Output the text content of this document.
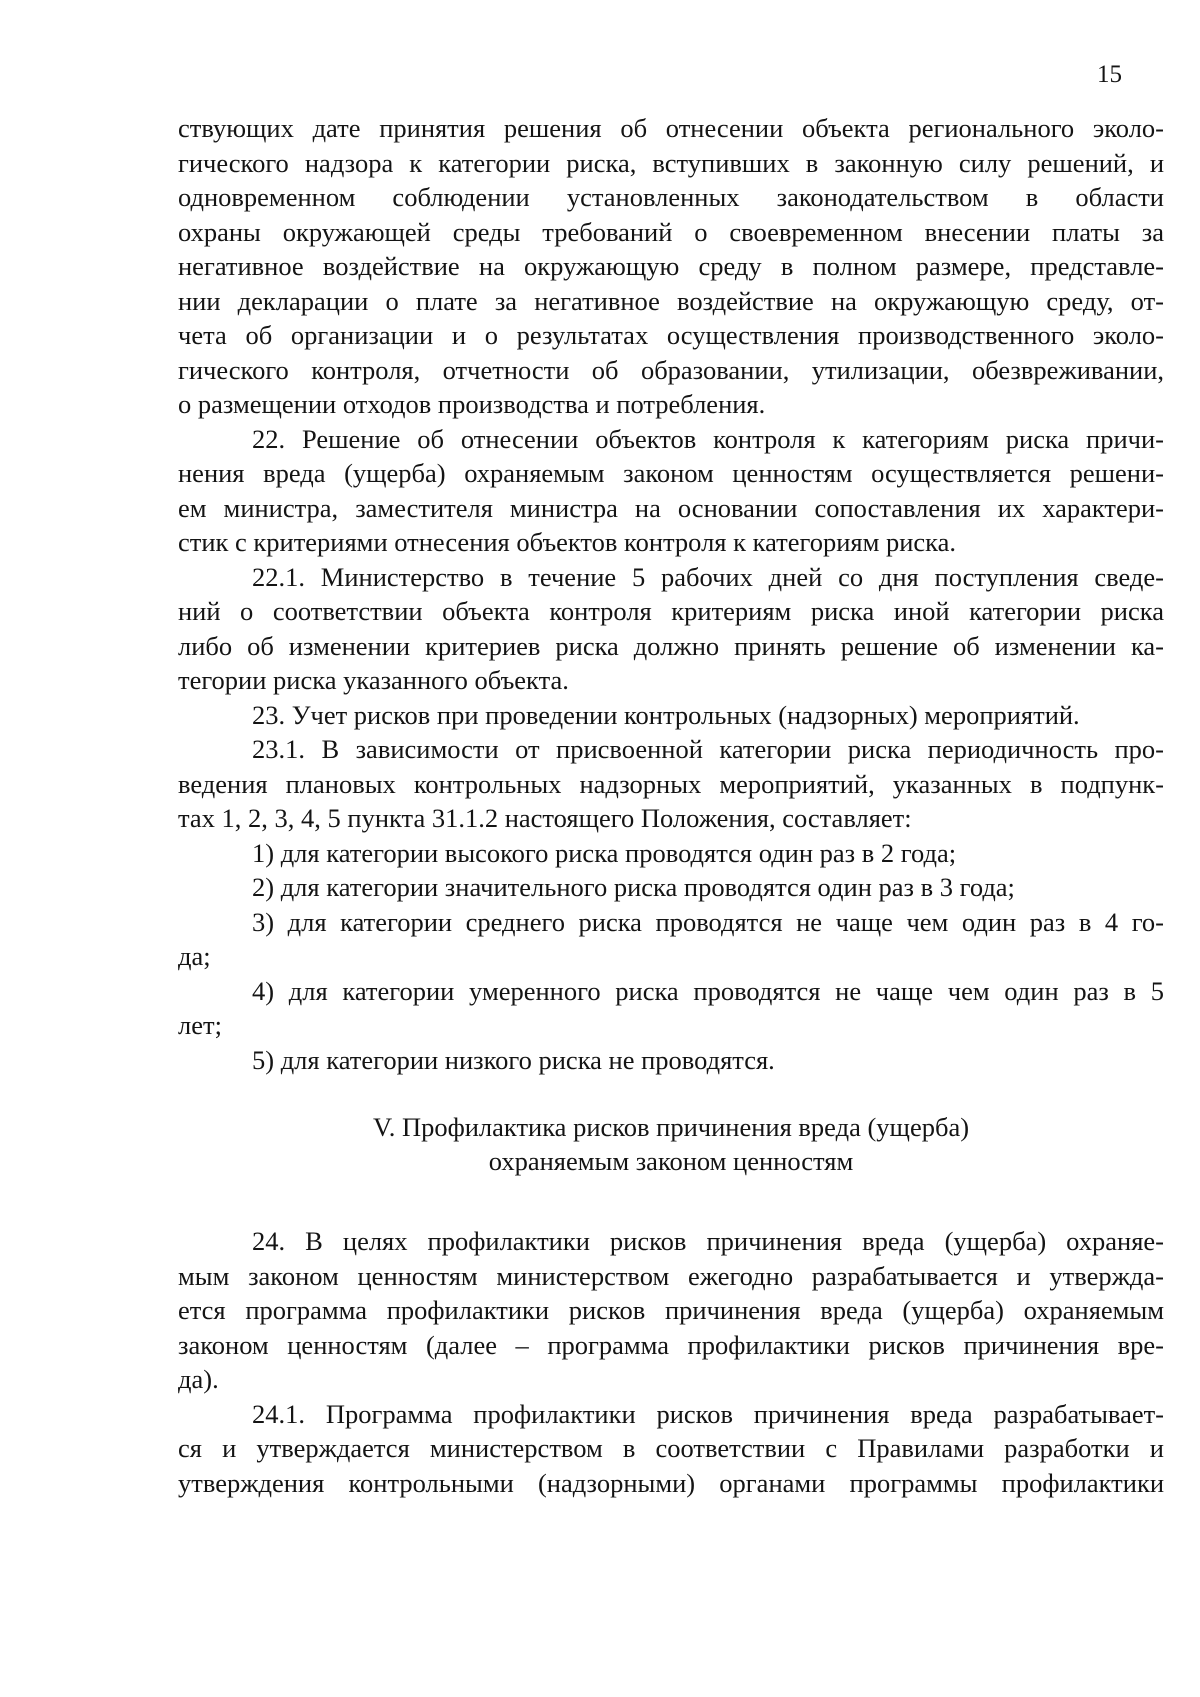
15
ствующих дате принятия решения об отнесении объекта регионального эколо-
гического надзора к категории риска, вступивших в законную силу решений, и
одновременном соблюдении установленных законодательством в области
охраны окружающей среды требований о своевременном внесении платы за
негативное воздействие на окружающую среду в полном размере, представле-
нии декларации о плате за негативное воздействие на окружающую среду, от-
чета об организации и о результатах осуществления производственного эколо-
гического контроля, отчетности об образовании, утилизации, обезвреживании,
о размещении отходов производства и потребления.
22. Решение об отнесении объектов контроля к категориям риска причи-
нения вреда (ущерба) охраняемым законом ценностям осуществляется решени-
ем министра, заместителя министра на основании сопоставления их характери-
стик с критериями отнесения объектов контроля к категориям риска.
22.1. Министерство в течение 5 рабочих дней со дня поступления сведе-
ний о соответствии объекта контроля критериям риска иной категории риска
либо об изменении критериев риска должно принять решение об изменении ка-
тегории риска указанного объекта.
23. Учет рисков при проведении контрольных (надзорных) мероприятий.
23.1. В зависимости от присвоенной категории риска периодичность про-
ведения плановых контрольных надзорных мероприятий, указанных в подпунк-
тах 1, 2, 3, 4, 5 пункта 31.1.2 настоящего Положения, составляет:
1) для категории высокого риска проводятся один раз в 2 года;
2) для категории значительного риска проводятся один раз в 3 года;
3) для категории среднего риска проводятся не чаще чем один раз в 4 го-
да;
4) для категории умеренного риска проводятся не чаще чем один раз в 5
лет;
5) для категории низкого риска не проводятся.
V. Профилактика рисков причинения вреда (ущерба)
охраняемым законом ценностям
24. В целях профилактики рисков причинения вреда (ущерба) охраняе-
мым законом ценностям министерством ежегодно разрабатывается и утвержда-
ется программа профилактики рисков причинения вреда (ущерба) охраняемым
законом ценностям (далее – программа профилактики рисков причинения вре-
да).
24.1. Программа профилактики рисков причинения вреда разрабатывает-
ся и утверждается министерством в соответствии с Правилами разработки и
утверждения контрольными (надзорными) органами программы профилактики
